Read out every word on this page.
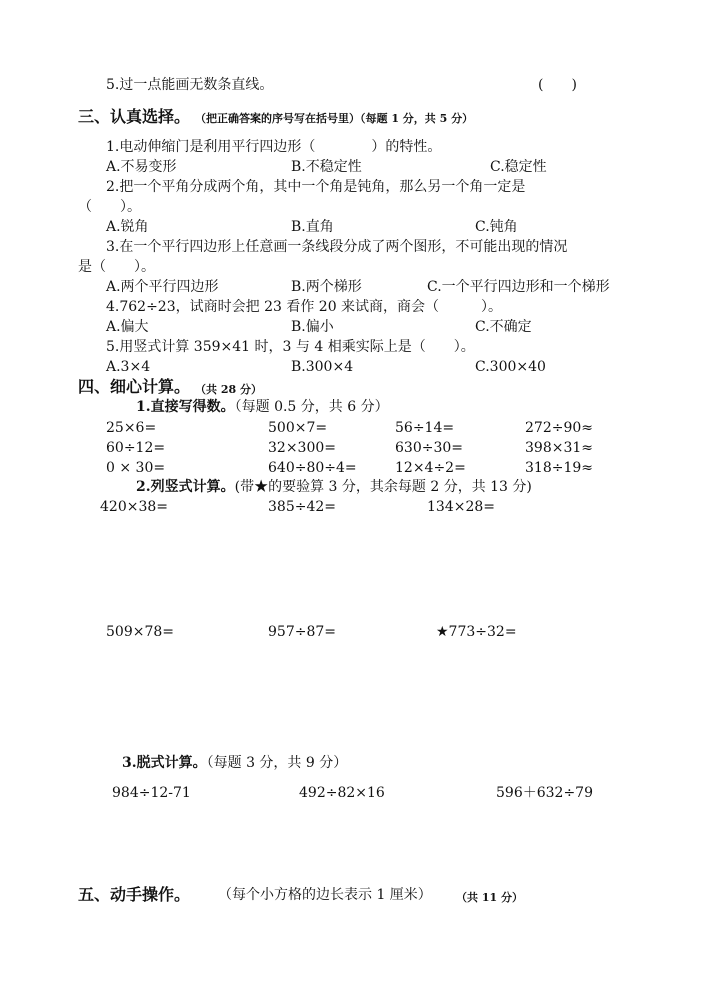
5.过一点能画无数条直线。	(　　)
三、认真选择。 （把正确答案的序号写在括号里）（每题 1 分，共 5 分）
1.电动伸缩门是利用平行四边形（　　　　）的特性。
A.不易变形	B.不稳定性	C.稳定性
2.把一个平角分成两个角，其中一个角是钝角，那么另一个角一定是
（　　）。
A.锐角	B.直角	C.钝角
3.在一个平行四边形上任意画一条线段分成了两个图形，不可能出现的情况
是（　　）。
A.两个平行四边形	B.两个梯形	C.一个平行四边形和一个梯形
4.762÷23，试商时会把 23 看作 20 来试商，商会（　　　）。
A.偏大	B.偏小	C.不确定
5.用竖式计算 359×41 时，3 与 4 相乘实际上是（　　）。
A.3×4	B.300×4	C.300×40
四、细心计算。 （共 28 分）
1.直接写得数。（每题 0.5 分，共 6 分）
25×6=	500×7=	56÷14=	272÷90≈
60÷12=	32×300=	630÷30=	398×31≈
0 × 30=	640÷80÷4=	12×4÷2=	318÷19≈
2.列竖式计算。(带★的要验算 3 分，其余每题 2 分，共 13 分)
420×38=	385÷42=	134×28=
509×78=	957÷87=	★773÷32=
3.脱式计算。（每题 3 分，共 9 分）
984÷12-71	492÷82×16	596＋632÷79
五、动手操作。 （每个小方格的边长表示 1 厘米） （共 11 分）
